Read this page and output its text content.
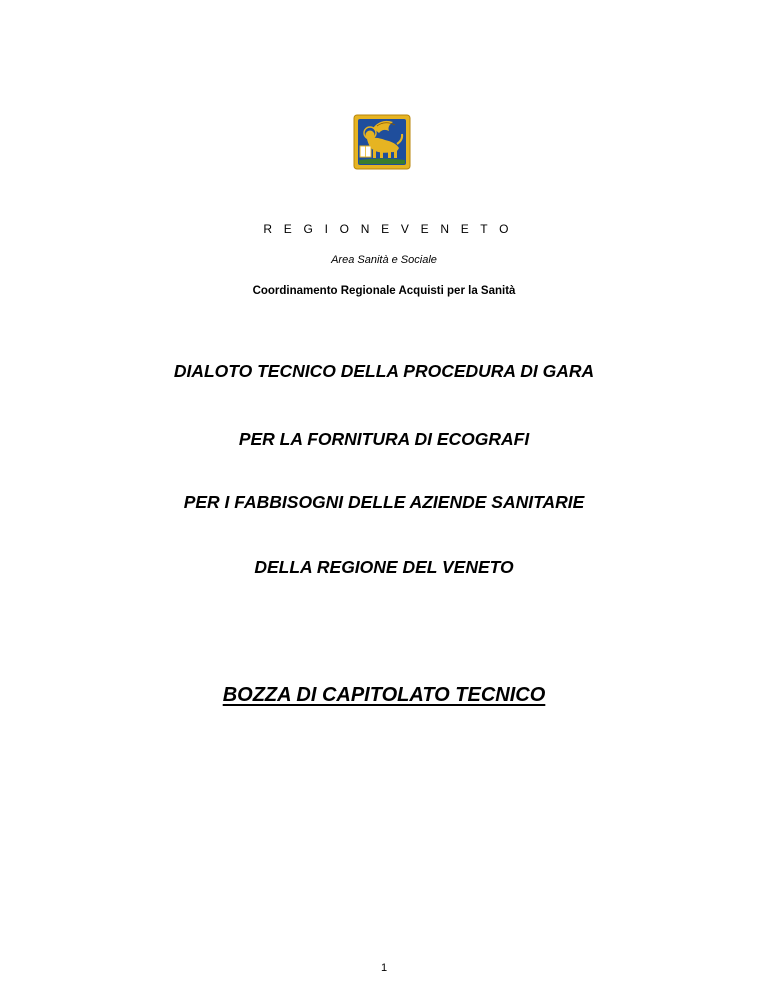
R E G I O N E V E N E T O
Area Sanità e Sociale
Coordinamento Regionale Acquisti per la Sanità
DIALOTO TECNICO DELLA PROCEDURA DI GARA
PER LA FORNITURA DI ECOGRAFI
PER I FABBISOGNI DELLE AZIENDE SANITARIE
DELLA REGIONE DEL VENETO
BOZZA DI CAPITOLATO TECNICO
1
